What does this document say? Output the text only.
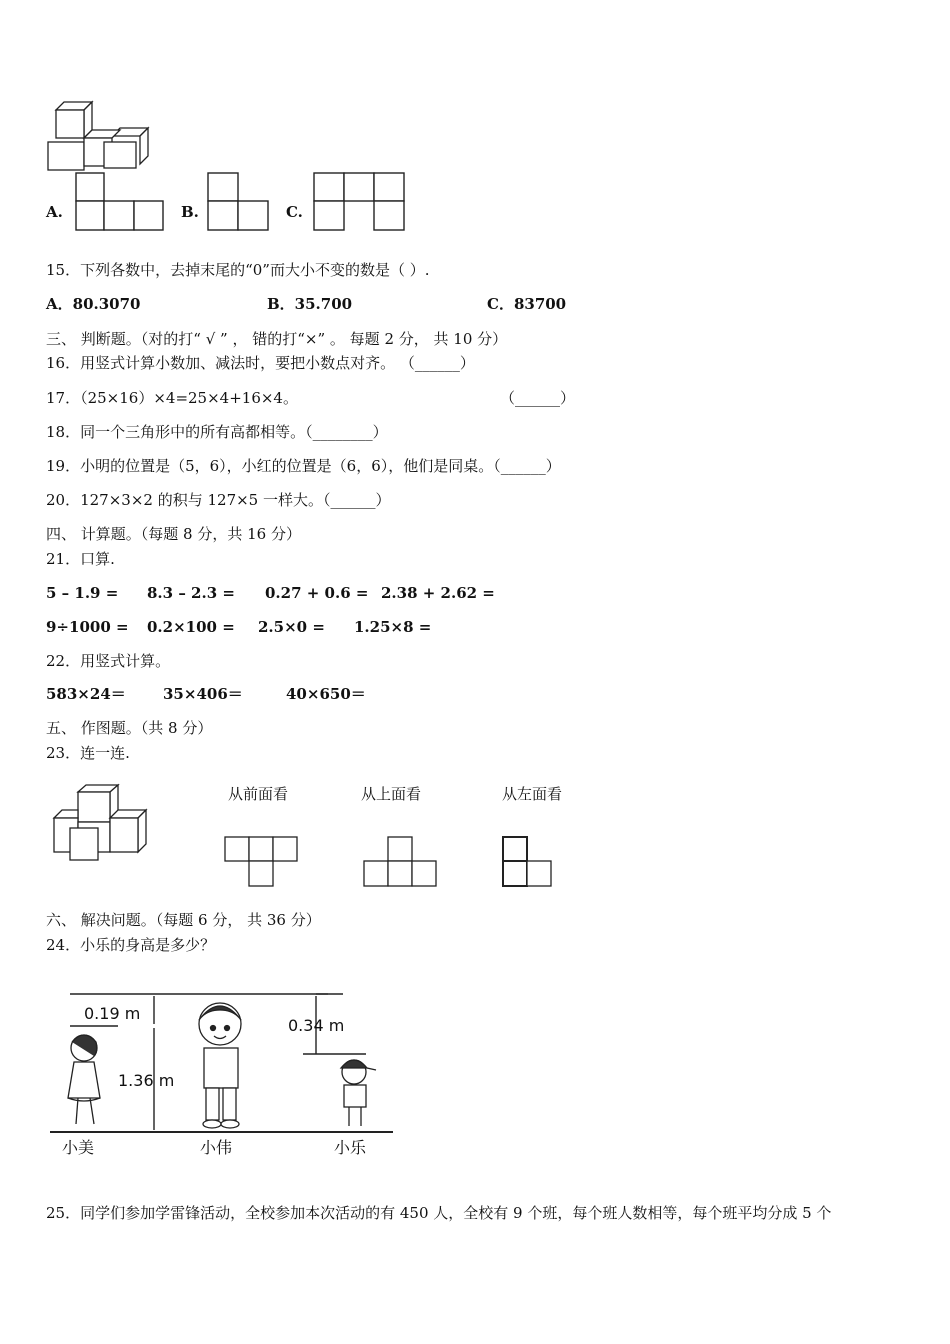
A.	B.	C.
15．下列各数中，去掉末尾的“0”而大小不变的数是（ ）.
A．80.3070	B．35.700	C．83700
三、 判断题。（对的打“ √ ” ， 错的打“×” 。 每题 2 分， 共 10 分）
16．用竖式计算小数加、减法时，要把小数点对齐。 （______）
17．（25×16）×4=25×4+16×4。	（______）
18．同一个三角形中的所有高都相等。（________）
19．小明的位置是（5，6），小红的位置是（6，6），他们是同桌。（______）
20．127×3×2 的积与 127×5 一样大。（______）
四、 计算题。（每题 8 分，共 16 分）
21．口算.
5 – 1.9 = 8.3 – 2.3 = 0.27 + 0.6 = 2.38 + 2.62 =
9÷1000 = 0.2×100 = 2.5×0 = 1.25×8 =
22．用竖式计算。
583×24＝ 35×406＝	40×650＝
五、 作图题。（共 8 分）
23．连一连.
从前面看	从上面看	从左面看
六、 解决问题。（每题 6 分， 共 36 分）
24．小乐的身高是多少？
0.19 m
0.34 m
1.36 m
小美	小伟	小乐
25．同学们参加学雷锋活动，全校参加本次活动的有 450 人，全校有 9 个班，每个班人数相等，每个班平均分成 5 个
